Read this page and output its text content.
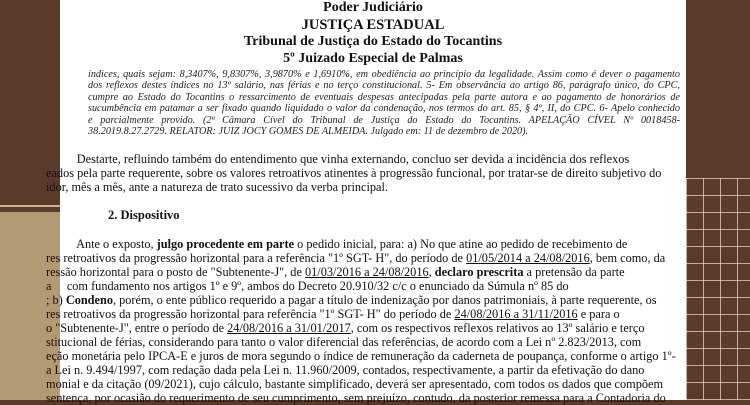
Poder Judiciário
JUSTIÇA ESTADUAL
Tribunal de Justiça do Estado do Tocantins
5º Juizado Especial de Palmas
índices, quais sejam: 8,3407%, 9,8307%, 3,9870% e 1,6910%, em obediência ao princípio da legalidade. Assim como é dever o pagamento
dos reflexos destes índices no 13º salário, nas férias e no terço constitucional. 5- Em observância ao artigo 86, parágrafo único, do CPC,
cumpre ao Estado do Tocantins o ressarcimento de eventuais despesas antecipadas pela parte autora e ao pagamento de honorários de
sucumbência em patamar a ser fixado quando liquidado o valor da condenação, nos termos do art. 85, § 4º, II, do CPC. 6- Apelo conhecido
e parcialmente provido. (2ª Câmara Cível do Tribunal de Justiça do Estado do Tocantins. APELAÇÃO CÍVEL Nº 0018458-
38.2019.8.27.2729. RELATOR: JUIZ JOCY GOMES DE ALMEIDA. Julgado em: 11 de dezembro de 2020).
Destarte, refluindo também do entendimento que vinha externando, concluo ser devida a incidência dos reflexos
eados pela parte requerente, sobre os valores retroativos atinentes à progressão funcional, por tratar-se de direito subjetivo do
idor, mês a mês, ante a natureza de trato sucessivo da verba principal.
2. Dispositivo
Ante o exposto, julgo procedente em parte o pedido inicial, para: a) No que atine ao pedido de recebimento de
res retroativos da progressão horizontal para a referência "1º SGT- H", do período de 01/05/2014 a 24/08/2016, bem como, da
ressão horizontal para o posto de "Subtenente-J", de 01/03/2016 a 24/08/2016, declaro prescrita a pretensão da parte
a     com fundamento nos artigos 1º e 9º, ambos do Decreto 20.910/32 c/c o enunciado da Súmula nº 85 do
; b) Condeno, porém, o ente público requerido a pagar a título de indenização por danos patrimoniais, à parte requerente, os
res retroativos da progressão horizontal para referência "1º SGT- H" do período de 24/08/2016 a 31/11/2016 e para o
o "Subtenente-J", entre o período de 24/08/2016 a 31/01/2017, com os respectivos reflexos relativos ao 13º salário e terço
stitucional de férias, considerando para tanto o valor diferencial das referências, de acordo com a Lei nº 2.823/2013, com
eção monetária pelo IPCA-E e juros de mora segundo o índice de remuneração da caderneta de poupança, conforme o artigo 1º-
a Lei n. 9.494/1997, com redação dada pela Lei n. 11.960/2009, contados, respectivamente, a partir da efetivação do dano
monial e da citação (09/2021), cujo cálculo, bastante simplificado, deverá ser apresentado, com todos os dados que compõem
sentença, por ocasião do requerimento de seu cumprimento, sem prejuízo, contudo, da posterior remessa para a Contadoria do
